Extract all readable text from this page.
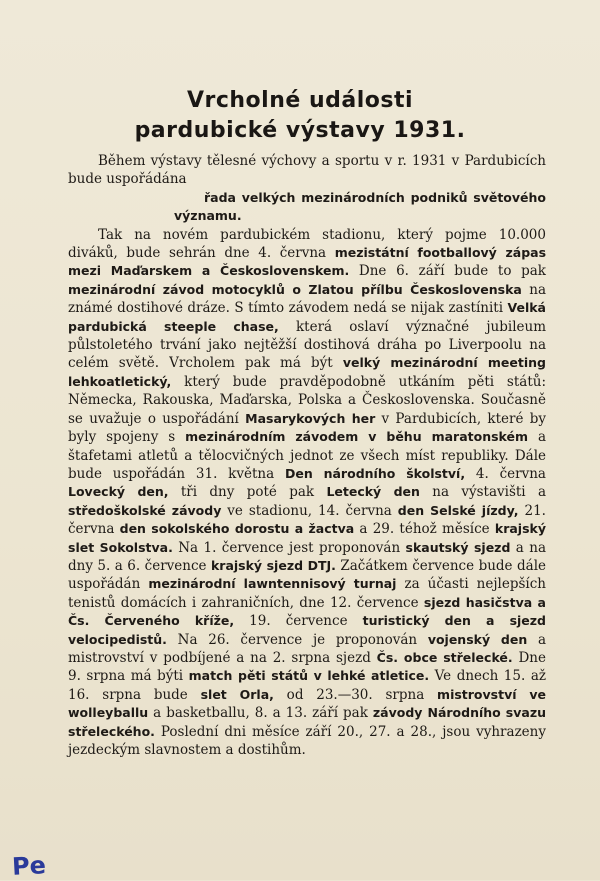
Vrcholné události
pardubické výstavy 1931.

Během výstavy tělesné výchovy a sportu v r. 1931 v Pardubicích bude uspořádána

řada velkých mezinárodních podniků světového významu.

Tak na novém pardubickém stadionu, který pojme 10.000 diváků, bude sehrán dne 4. června mezistátní footballový zápas mezi Maďarskem a Československem. Dne 6. září bude to pak mezinárodní závod motocyklů o Zlatou přílbu Československa na známé dostihové dráze. S tímto závodem nedá se nijak zastíniti Velká pardubická steeple chase, která oslaví význačné jubileum půlstoletého trvání jako nejtěžší dostihová dráha po Liverpoolu na celém světě. Vrcholem pak má být velký mezinárodní meeting lehkoatletický, který bude pravděpodobně utkáním pěti států: Německa, Rakouska, Maďarska, Polska a Československa. Současně se uvažuje o uspořádání Masarykových her v Pardubicích, které by byly spojeny s mezinárodním závodem v běhu maratonském a štafetami atletů a tělocvičných jednot ze všech míst republiky. Dále bude uspořádán 31. května Den národního školství, 4. června Lovecký den, tři dny poté pak Letecký den na výstavišti a středoškolské závody ve stadionu, 14. června den Selské jízdy, 21. června den sokolského dorostu a žactva a 29. téhož měsíce krajský slet Sokolstva. Na 1. července jest proponován skautský sjezd a na dny 5. a 6. července krajský sjezd DTJ. Začátkem července bude dále uspořádán mezinárodní lawntennisový turnaj za účasti nejlepších tenistů domácích i zahraničních, dne 12. července sjezd hasičstva a Čs. Červeného kříže, 19. července turistický den a sjezd velocipedistů. Na 26. července je proponován vojenský den a mistrovství v podbíjené a na 2. srpna sjezd Čs. obce střelecké. Dne 9. srpna má býti match pěti států v lehké atletice. Ve dnech 15. až 16. srpna bude slet Orla, od 23.—30. srpna mistrovství ve wolleyballu a basketballu, 8. a 13. září pak závody Národního svazu střeleckého. Poslední dni měsíce září 20., 27. a 28., jsou vyhrazeny jezdeckým slavnostem a dostihům.

Pe
